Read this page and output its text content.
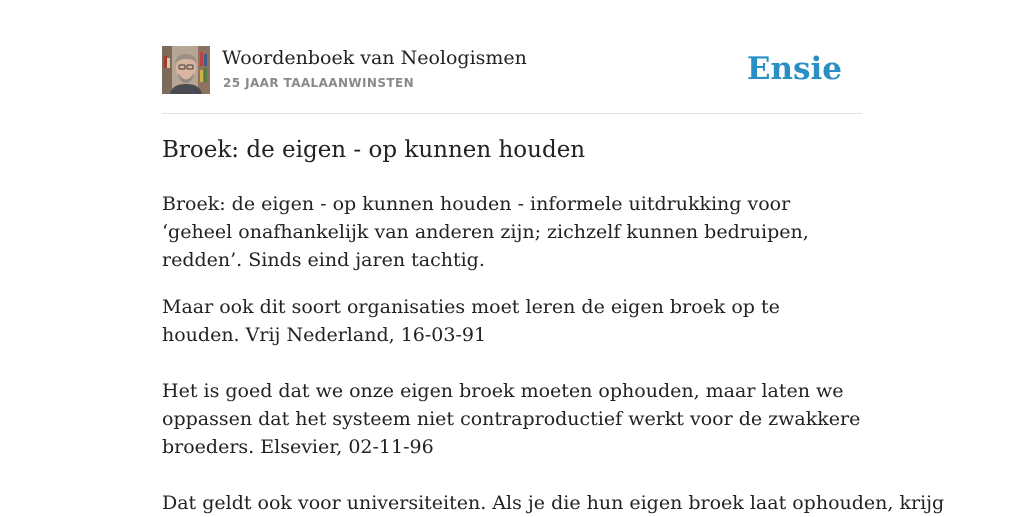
Woordenboek van Neologismen
25 JAAR TAALAANWINSTEN	Ensie
Broek: de eigen - op kunnen houden

Broek: de eigen - op kunnen houden - informele uitdrukking voor ‘geheel onafhankelijk van anderen zijn; zichzelf kunnen bedruipen, redden’. Sinds eind jaren tachtig.

Maar ook dit soort organisaties moet leren de eigen broek op te houden. Vrij Nederland, 16-03-91

Het is goed dat we onze eigen broek moeten ophouden, maar laten we oppassen dat het systeem niet contraproductief werkt voor de zwakkere broeders. Elsevier, 02-11-96

Dat geldt ook voor universiteiten. Als je die hun eigen broek laat ophouden, krijg
